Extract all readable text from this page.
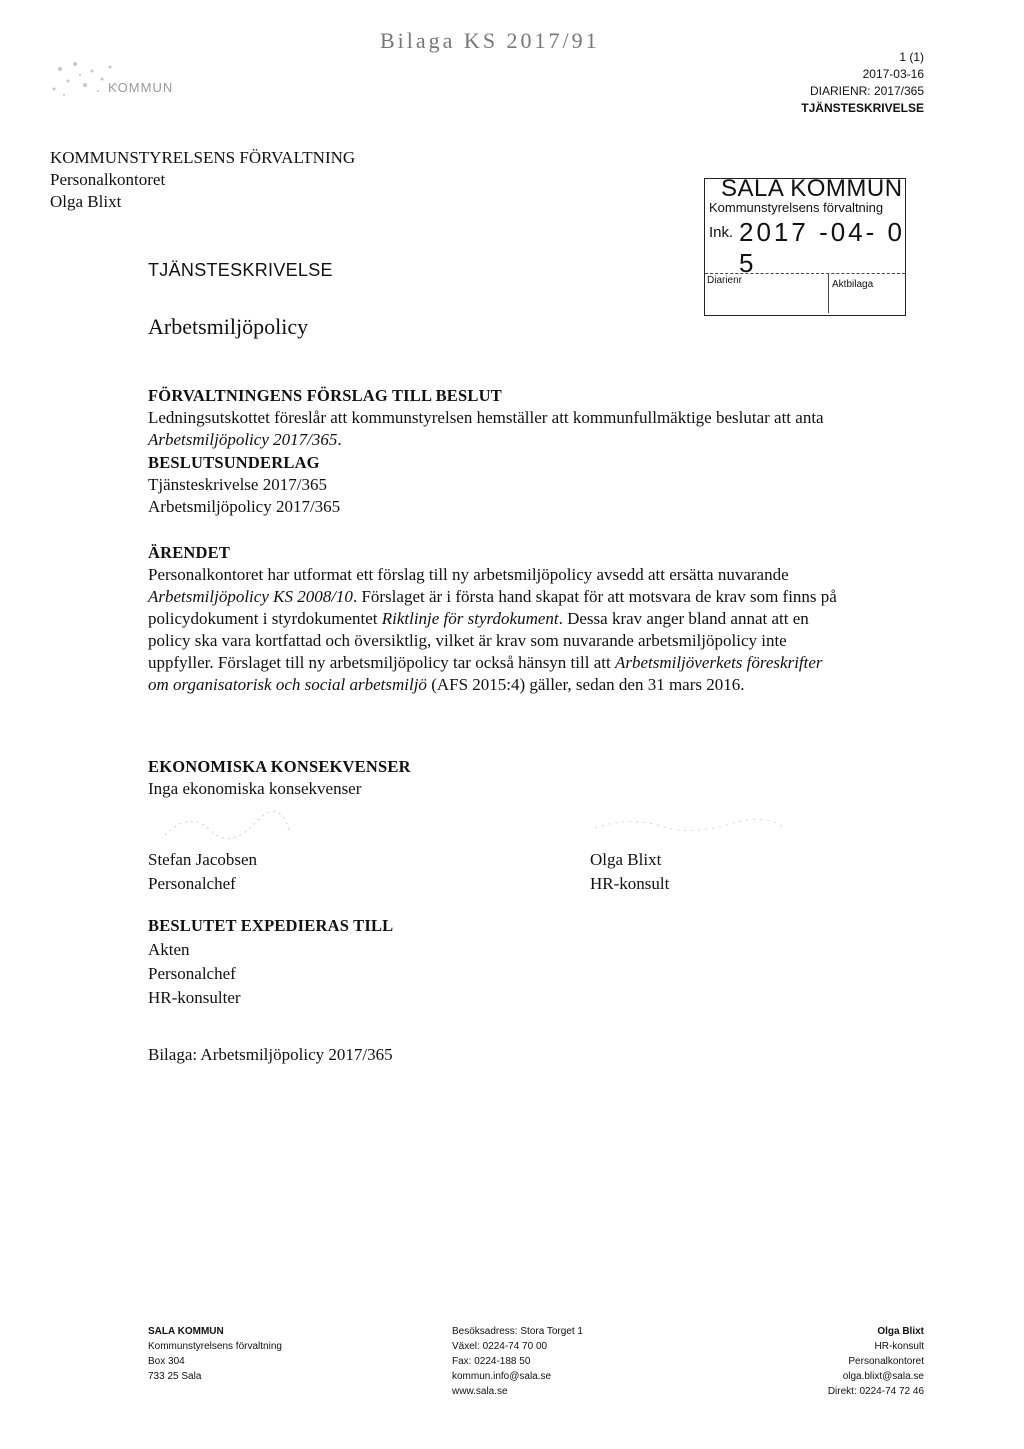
Bilaga KS 2017/91
KOMMUN
1 (1)
2017-03-16
DIARIENR: 2017/365
TJÄNSTESKRIVELSE
KOMMUNSTYRELSENS FÖRVALTNING
Personalkontoret
Olga Blixt
TJÄNSTESKRIVELSE
SALA KOMMUN
Kommunstyrelsens förvaltning
Ink. 2017 -04- 0 5
Diarienr	Aktbilaga
Arbetsmiljöpolicy
FÖRVALTNINGENS FÖRSLAG TILL BESLUT
Ledningsutskottet föreslår att kommunstyrelsen hemställer att kommunfullmäktige beslutar att anta Arbetsmiljöpolicy 2017/365.
BESLUTSUNDERLAG
Tjänsteskrivelse 2017/365
Arbetsmiljöpolicy 2017/365
ÄRENDET
Personalkontoret har utformat ett förslag till ny arbetsmiljöpolicy avsedd att ersätta nuvarande Arbetsmiljöpolicy KS 2008/10. Förslaget är i första hand skapat för att motsvara de krav som finns på policydokument i styrdokumentet Riktlinje för styrdokument. Dessa krav anger bland annat att en policy ska vara kortfattad och översiktlig, vilket är krav som nuvarande arbetsmiljöpolicy inte uppfyller. Förslaget till ny arbetsmiljöpolicy tar också hänsyn till att Arbetsmiljöverkets föreskrifter om organisatorisk och social arbetsmiljö (AFS 2015:4) gäller, sedan den 31 mars 2016.
EKONOMISKA KONSEKVENSER
Inga ekonomiska konsekvenser
Stefan Jacobsen
Personalchef
Olga Blixt
HR-konsult
BESLUTET EXPEDIERAS TILL
Akten
Personalchef
HR-konsulter
Bilaga: Arbetsmiljöpolicy 2017/365
SALA KOMMUN
Kommunstyrelsens förvaltning
Box 304
733 25 Sala
Besöksadress: Stora Torget 1
Växel: 0224-74 70 00
Fax: 0224-188 50
kommun.info@sala.se
www.sala.se
Olga Blixt
HR-konsult
Personalkontoret
olga.blixt@sala.se
Direkt: 0224-74 72 46
